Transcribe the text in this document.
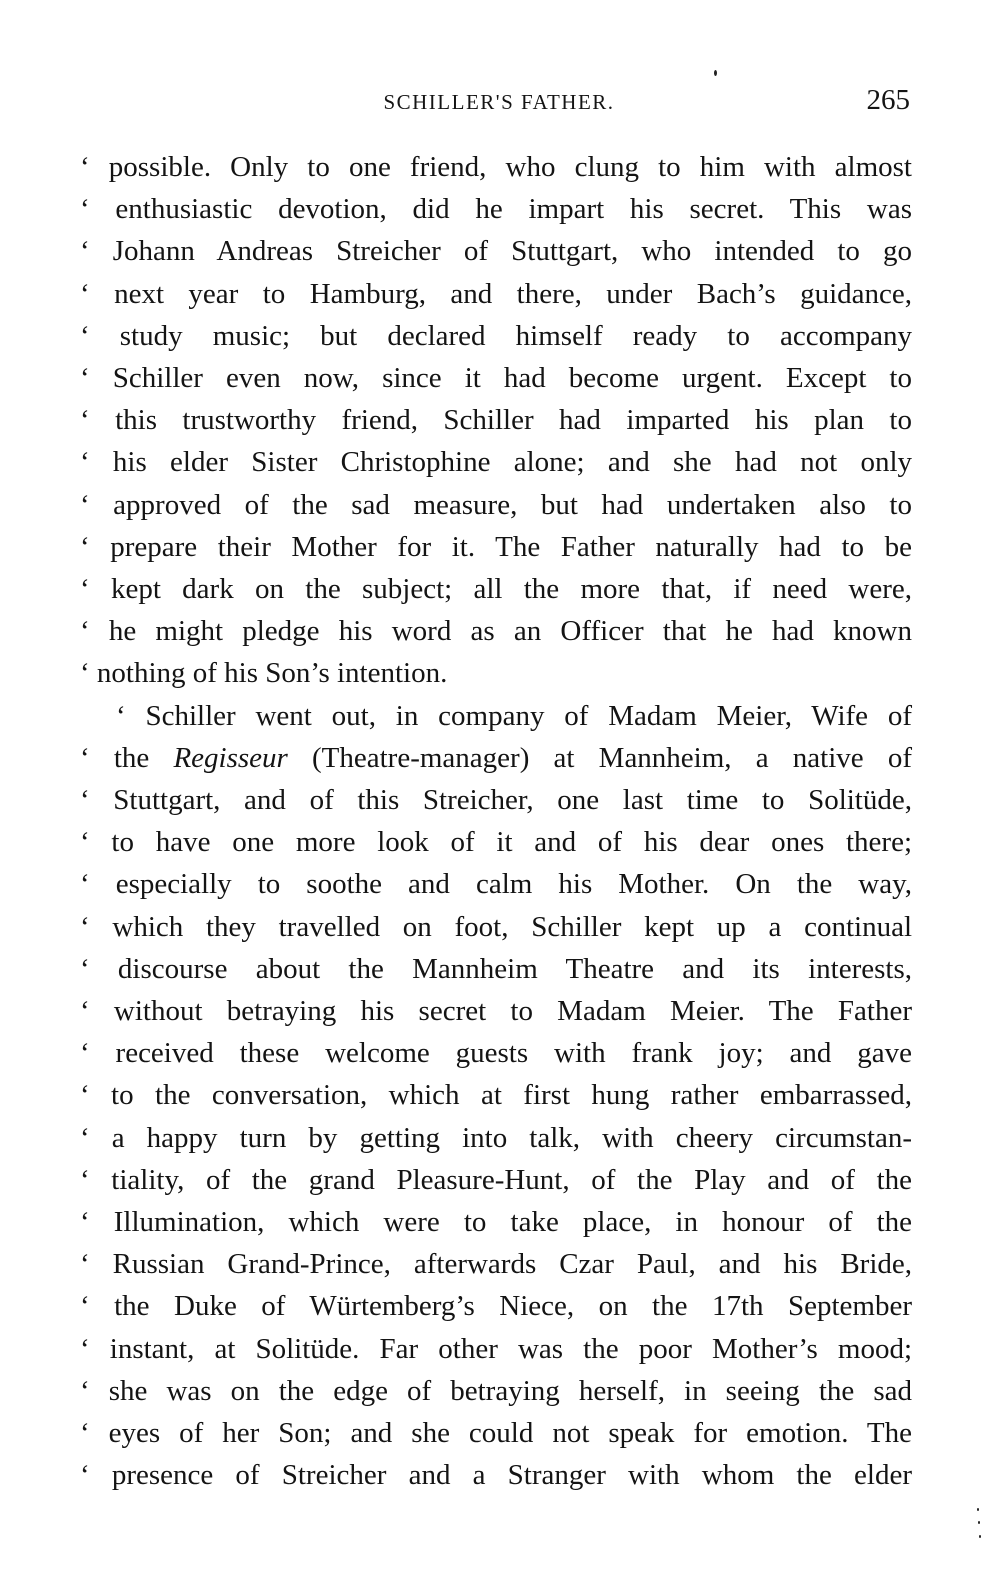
SCHILLER'S FATHER.	265
‘ possible. Only to one friend, who clung to him with almost
‘ enthusiastic devotion, did he impart his secret. This was
‘ Johann Andreas Streicher of Stuttgart, who intended to go
‘ next year to Hamburg, and there, under Bach’s guidance,
‘ study music; but declared himself ready to accompany
‘ Schiller even now, since it had become urgent. Except to
‘ this trustworthy friend, Schiller had imparted his plan to
‘ his elder Sister Christophine alone; and she had not only
‘ approved of the sad measure, but had undertaken also to
‘ prepare their Mother for it. The Father naturally had to be
‘ kept dark on the subject; all the more that, if need were,
‘ he might pledge his word as an Officer that he had known
‘ nothing of his Son’s intention.
‘ Schiller went out, in company of Madam Meier, Wife of
‘ the Regisseur (Theatre-manager) at Mannheim, a native of
‘ Stuttgart, and of this Streicher, one last time to Solitüde,
‘ to have one more look of it and of his dear ones there;
‘ especially to soothe and calm his Mother. On the way,
‘ which they travelled on foot, Schiller kept up a continual
‘ discourse about the Mannheim Theatre and its interests,
‘ without betraying his secret to Madam Meier. The Father
‘ received these welcome guests with frank joy; and gave
‘ to the conversation, which at first hung rather embarrassed,
‘ a happy turn by getting into talk, with cheery circumstan-
‘ tiality, of the grand Pleasure-Hunt, of the Play and of the
‘ Illumination, which were to take place, in honour of the
‘ Russian Grand-Prince, afterwards Czar Paul, and his Bride,
‘ the Duke of Würtemberg’s Niece, on the 17th September
‘ instant, at Solitüde. Far other was the poor Mother’s mood;
‘ she was on the edge of betraying herself, in seeing the sad
‘ eyes of her Son; and she could not speak for emotion. The
‘ presence of Streicher and a Stranger with whom the elder
